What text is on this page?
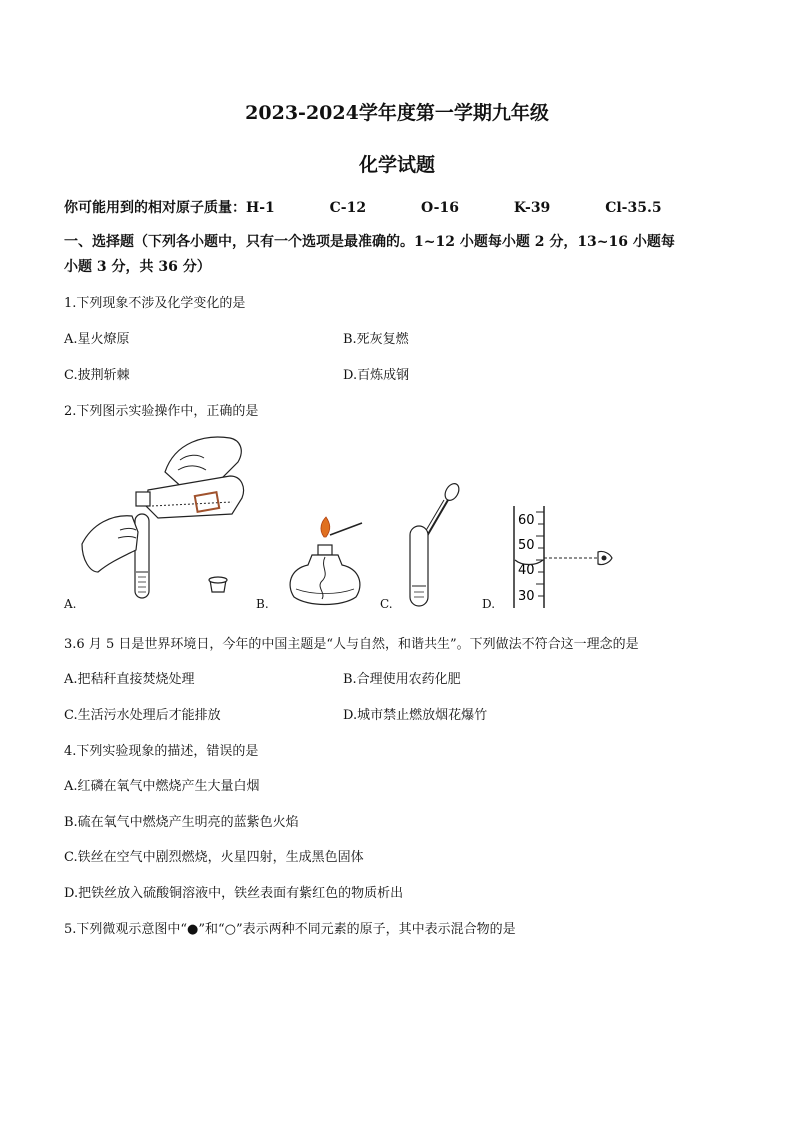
2023-2024学年度第一学期九年级
化学试题
你可能用到的相对原子质量：H-1	C-12	O-16	K-39	Cl-35.5
一、选择题（下列各小题中，只有一个选项是最准确的。1~12 小题每小题 2 分，13~16 小题每
小题 3 分，共 36 分）
1.下列现象不涉及化学变化的是
A.星火燎原	B.死灰复燃
C.披荆斩棘	D.百炼成钢
2.下列图示实验操作中，正确的是
A.	B.	C.
60
50
40
30
D.
3.6 月 5 日是世界环境日，今年的中国主题是“人与自然，和谐共生”。下列做法不符合这一理念的是
A.把秸秆直接焚烧处理	B.合理使用农药化肥
C.生活污水处理后才能排放	D.城市禁止燃放烟花爆竹
4.下列实验现象的描述，错误的是
A.红磷在氧气中燃烧产生大量白烟
B.硫在氧气中燃烧产生明亮的蓝紫色火焰
C.铁丝在空气中剧烈燃烧，火星四射，生成黑色固体
D.把铁丝放入硫酸铜溶液中，铁丝表面有紫红色的物质析出
5.下列微观示意图中“●”和“○”表示两种不同元素的原子，其中表示混合物的是
